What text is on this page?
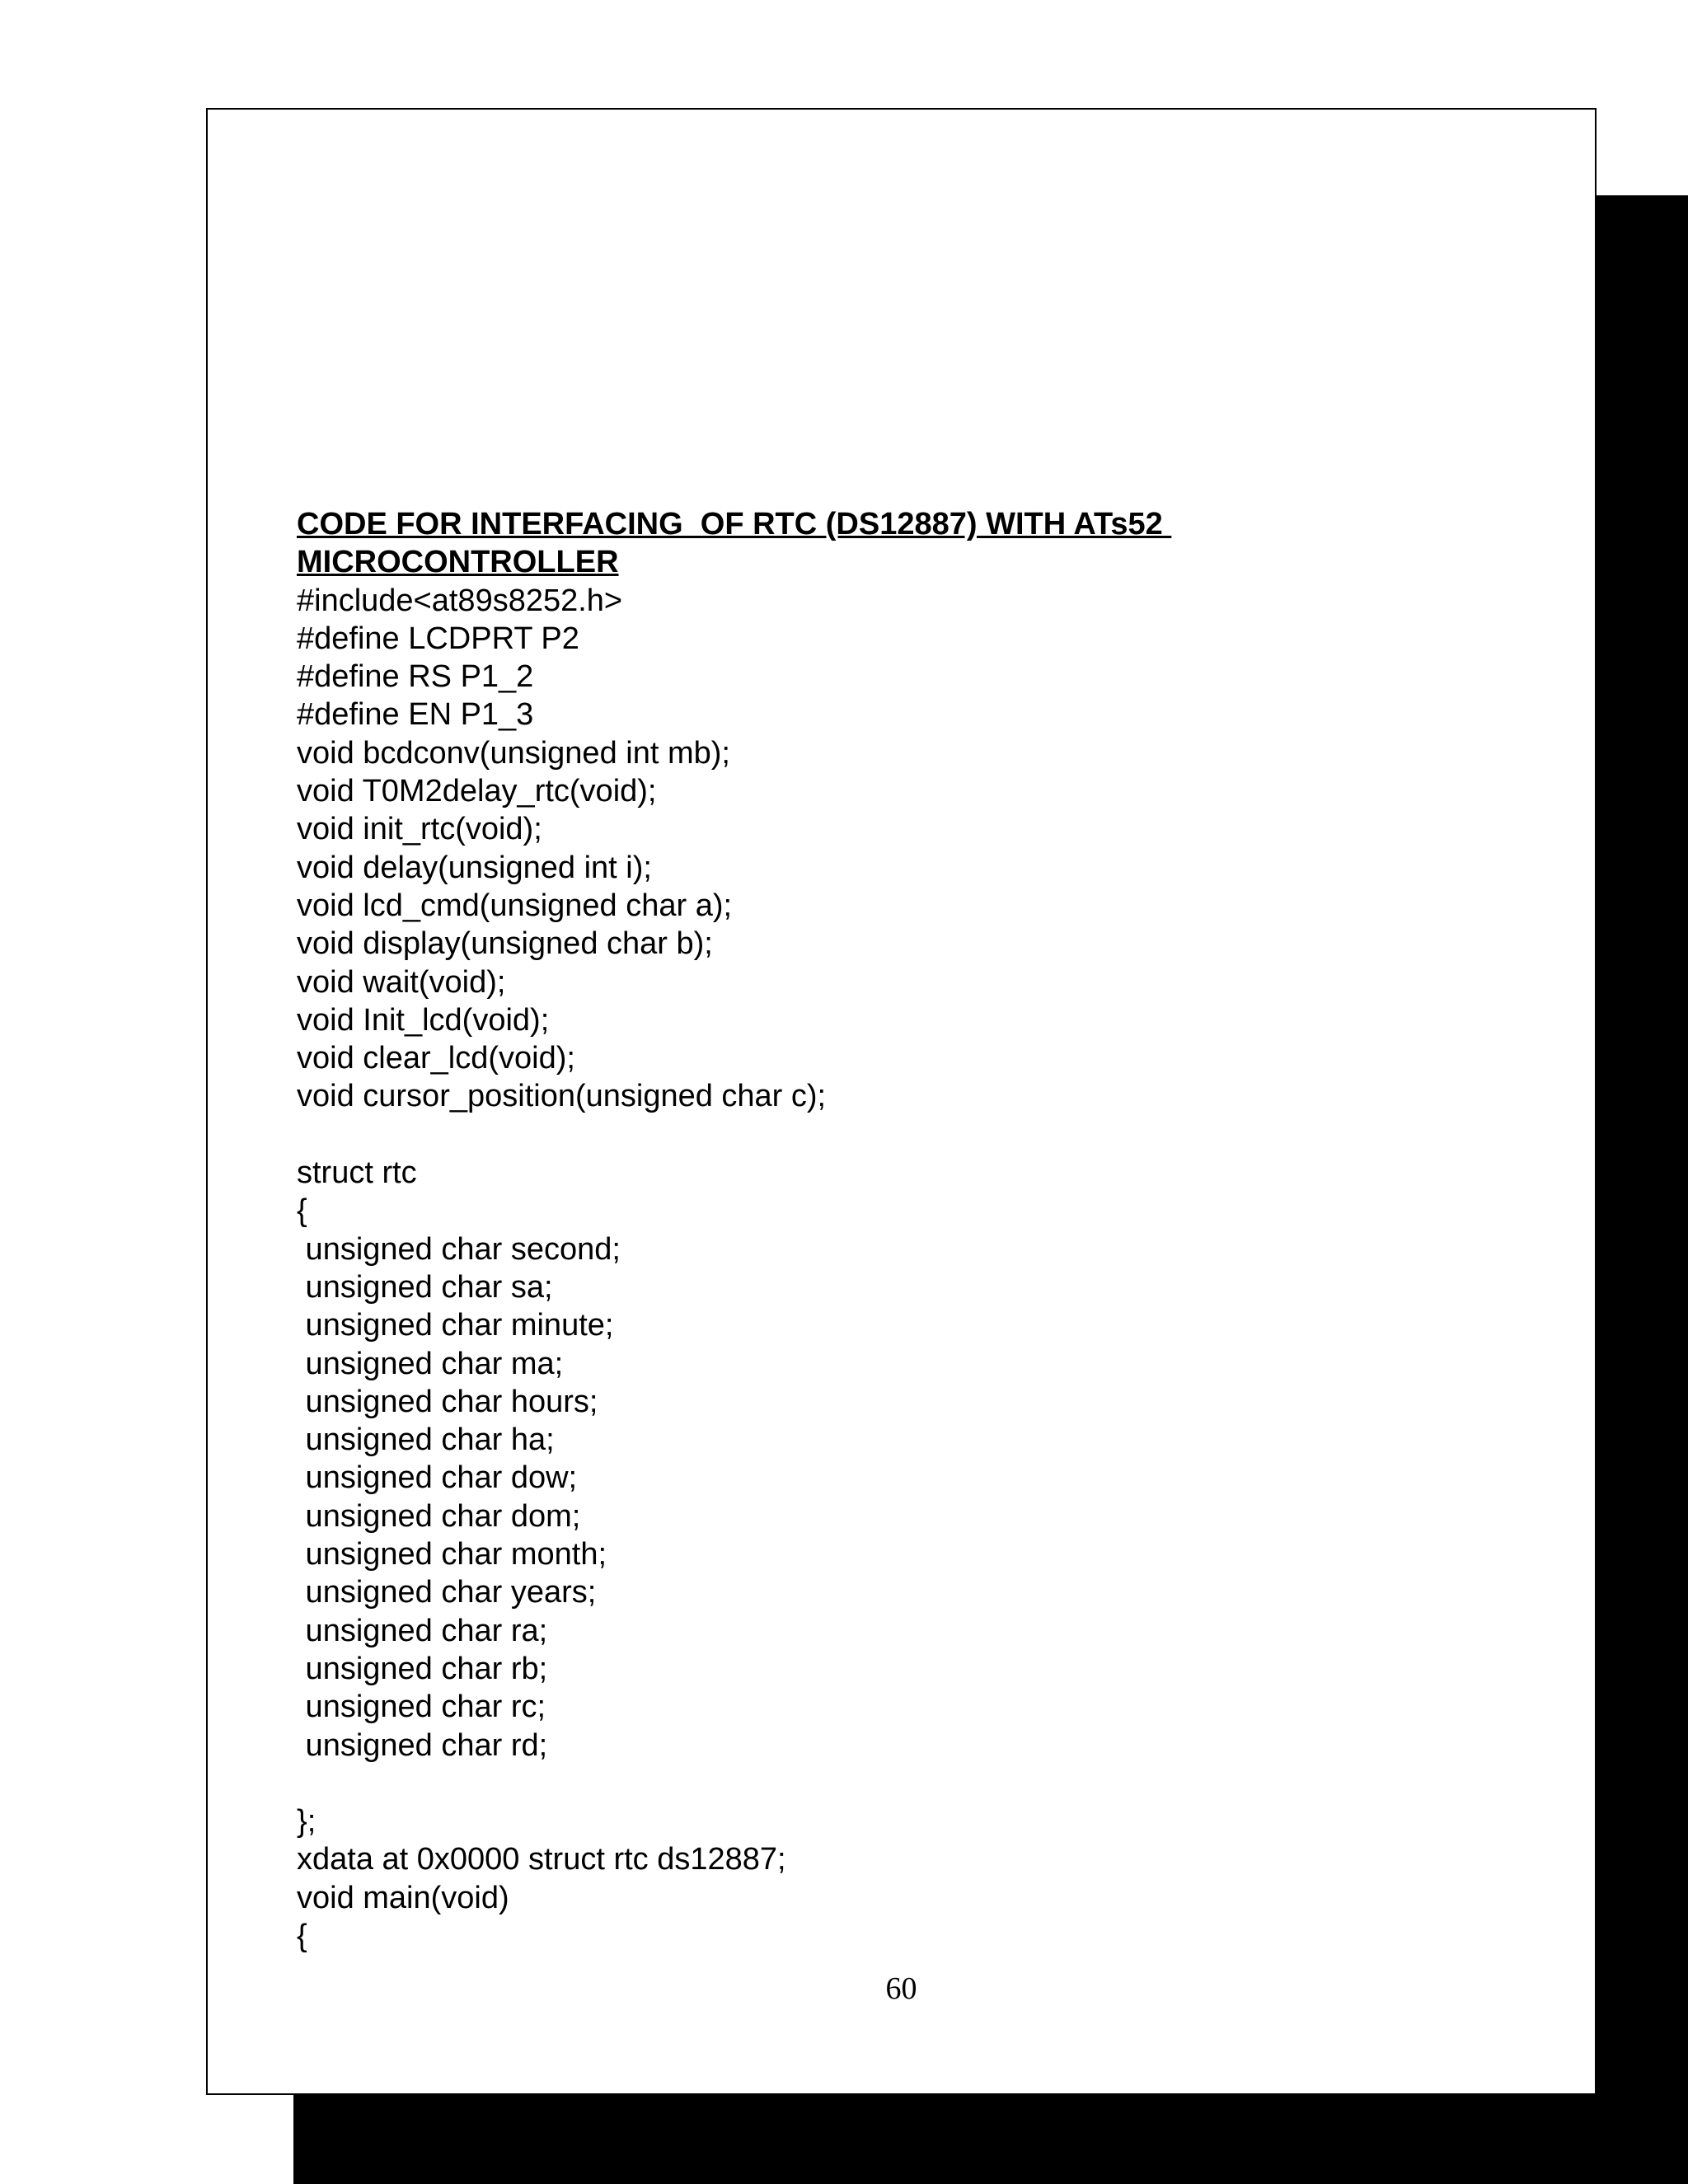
CODE FOR INTERFACING  OF RTC (DS12887) WITH ATs52

MICROCONTROLLER

#include<at89s8252.h>

#define LCDPRT P2

#define RS P1_2

#define EN P1_3

void bcdconv(unsigned int mb);

void T0M2delay_rtc(void);

void init_rtc(void);

void delay(unsigned int i);

void lcd_cmd(unsigned char a);

void display(unsigned char b);

void wait(void);

void Init_lcd(void);

void clear_lcd(void);

void cursor_position(unsigned char c);

struct rtc

{

unsigned char second;

unsigned char sa;

unsigned char minute;

unsigned char ma;

unsigned char hours;

unsigned char ha;

unsigned char dow;

unsigned char dom;

unsigned char month;

unsigned char years;

unsigned char ra;

unsigned char rb;

unsigned char rc;

unsigned char rd;

};

xdata at 0x0000 struct rtc ds12887;

void main(void)

{

60
